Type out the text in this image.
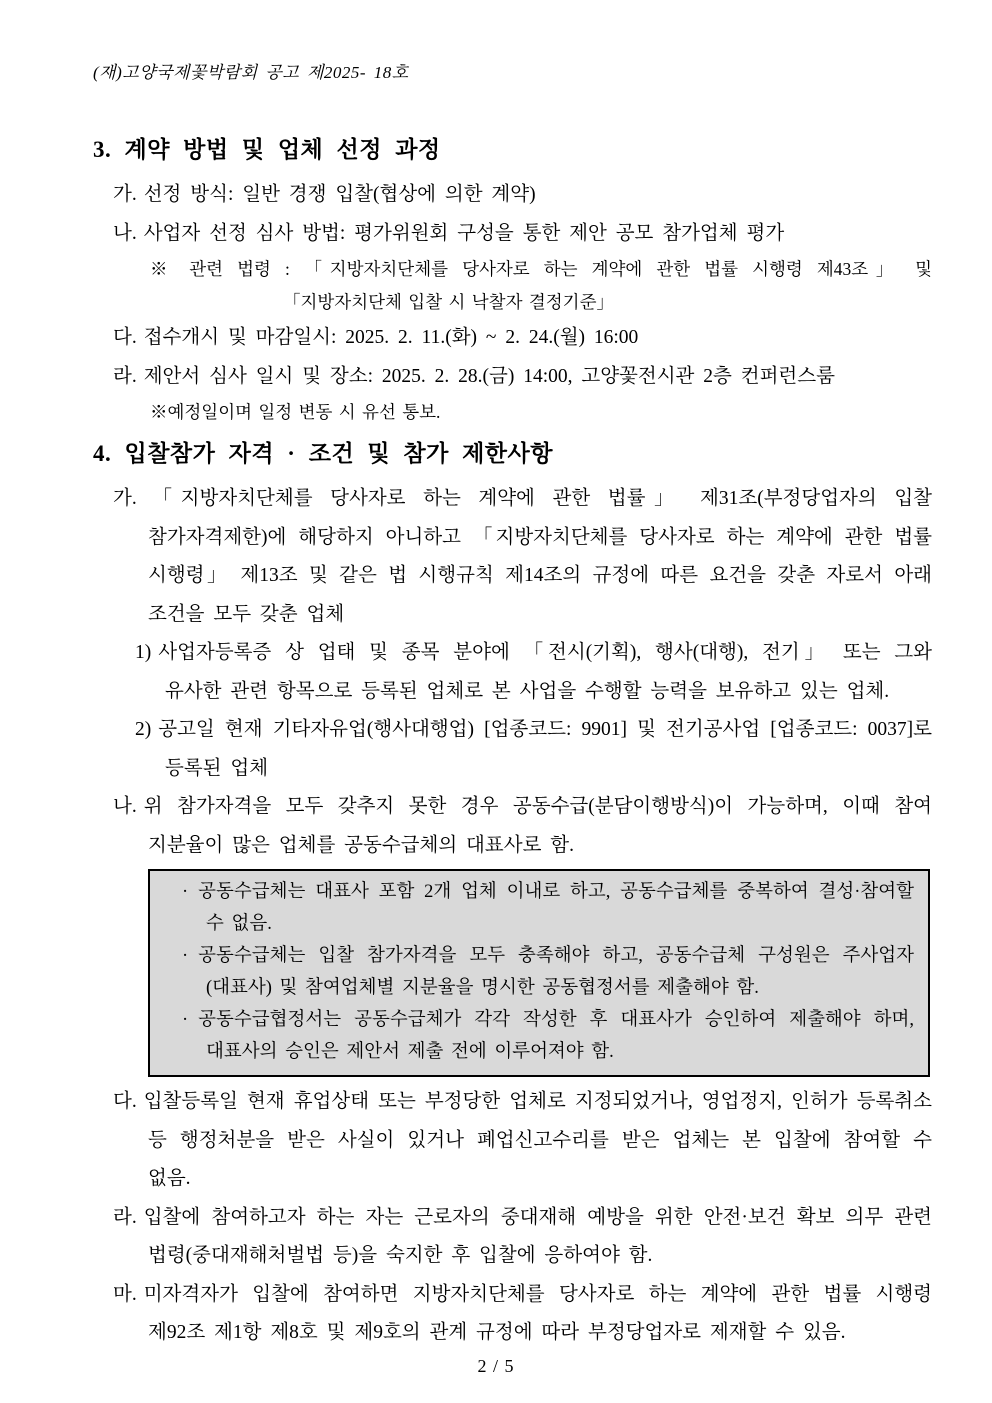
(재)고양국제꽃박람회 공고 제2025- 18호
3. 계약 방법 및 업체 선정 과정
가. 선정 방식: 일반 경쟁 입찰(협상에 의한 계약)
나. 사업자 선정 심사 방법: 평가위원회 구성을 통한 제안 공모 참가업체 평가
※ 관련 법령 : 「지방자치단체를 당사자로 하는 계약에 관한 법률 시행령 제43조」 및 「지방자치단체 입찰 시 낙찰자 결정기준」
다. 접수개시 및 마감일시: 2025. 2. 11.(화) ~ 2. 24.(월) 16:00
라. 제안서 심사 일시 및 장소: 2025. 2. 28.(금) 14:00, 고양꽃전시관 2층 컨퍼런스룸
※예정일이며 일정 변동 시 유선 통보.
4. 입찰참가 자격 · 조건 및 참가 제한사항
가. 「지방자치단체를 당사자로 하는 계약에 관한 법률」 제31조(부정당업자의 입찰 참가자격제한)에 해당하지 아니하고 「지방자치단체를 당사자로 하는 계약에 관한 법률 시행령」 제13조 및 같은 법 시행규칙 제14조의 규정에 따른 요건을 갖춘 자로서 아래 조건을 모두 갖춘 업체
1) 사업자등록증 상 업태 및 종목 분야에 「전시(기획), 행사(대행), 전기」 또는 그와 유사한 관련 항목으로 등록된 업체로 본 사업을 수행할 능력을 보유하고 있는 업체.
2) 공고일 현재 기타자유업(행사대행업) [업종코드: 9901] 및 전기공사업 [업종코드: 0037]로 등록된 업체
나. 위 참가자격을 모두 갖추지 못한 경우 공동수급(분담이행방식)이 가능하며, 이때 참여 지분율이 많은 업체를 공동수급체의 대표사로 함.
· 공동수급체는 대표사 포함 2개 업체 이내로 하고, 공동수급체를 중복하여 결성·참여할 수 없음.
· 공동수급체는 입찰 참가자격을 모두 충족해야 하고, 공동수급체 구성원은 주사업자(대표사) 및 참여업체별 지분율을 명시한 공동협정서를 제출해야 함.
· 공동수급협정서는 공동수급체가 각각 작성한 후 대표사가 승인하여 제출해야 하며, 대표사의 승인은 제안서 제출 전에 이루어져야 함.
다. 입찰등록일 현재 휴업상태 또는 부정당한 업체로 지정되었거나, 영업정지, 인허가 등록취소 등 행정처분을 받은 사실이 있거나 폐업신고수리를 받은 업체는 본 입찰에 참여할 수 없음.
라. 입찰에 참여하고자 하는 자는 근로자의 중대재해 예방을 위한 안전·보건 확보 의무 관련 법령(중대재해처벌법 등)을 숙지한 후 입찰에 응하여야 함.
마. 미자격자가 입찰에 참여하면 지방자치단체를 당사자로 하는 계약에 관한 법률 시행령 제92조 제1항 제8호 및 제9호의 관계 규정에 따라 부정당업자로 제재할 수 있음.
2 / 5
